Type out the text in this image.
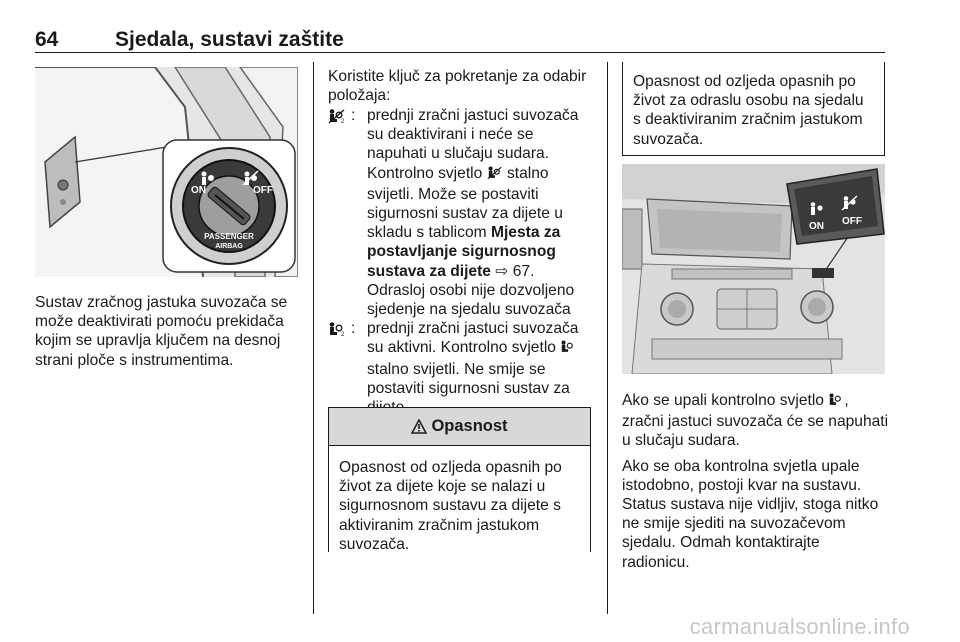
64	Sjedala, sustavi zaštite
ON	OFF
PASSENGER
AIRBAG
Sustav zračnog jastuka suvozača se može deaktivirati pomoću prekidača kojim se upravlja ključem na desnoj strani ploče s instrumentima.
Koristite ključ za pokretanje za odabir položaja:
2 : prednji zračni jastuci suvozača su deaktivirani i neće se napuhati u slučaju sudara. Kontrolno svjetlo stalno svijetli. Može se postaviti sigurnosni sustav za dijete u skladu s tablicom Mjesta za postavljanje sigurnosnog sustava za dijete ⇨ 67.
Odrasloj osobi nije dozvoljeno sjedenje na sjedalu suvozača
2 : prednji zračni jastuci suvozača su aktivni. Kontrolno svjetlo  stalno svijetli. Ne smije se postaviti sigurnosni sustav za
Opasnost
Opasnost od ozljeda opasnih po život za dijete koje se nalazi u sigurnosnom sustavu za dijete s aktiviranim zračnim jastukom suvozača.
Opasnost od ozljeda opasnih po život za odraslu osobu na sjedalu s deaktiviranim zračnim jastukom suvozača.
ON OFF

Ako se upali kontrolno svjetlo , zračni jastuci suvozača će se napuhati u slučaju sudara.

Ako se oba kontrolna svjetla upale istodobno, postoji kvar na sustavu. Status sustava nije vidljiv, stoga nitko ne smije sjediti na suvozačevom sjedalu. Odmah kontaktirajte radionicu.

carmanualsonline.info
